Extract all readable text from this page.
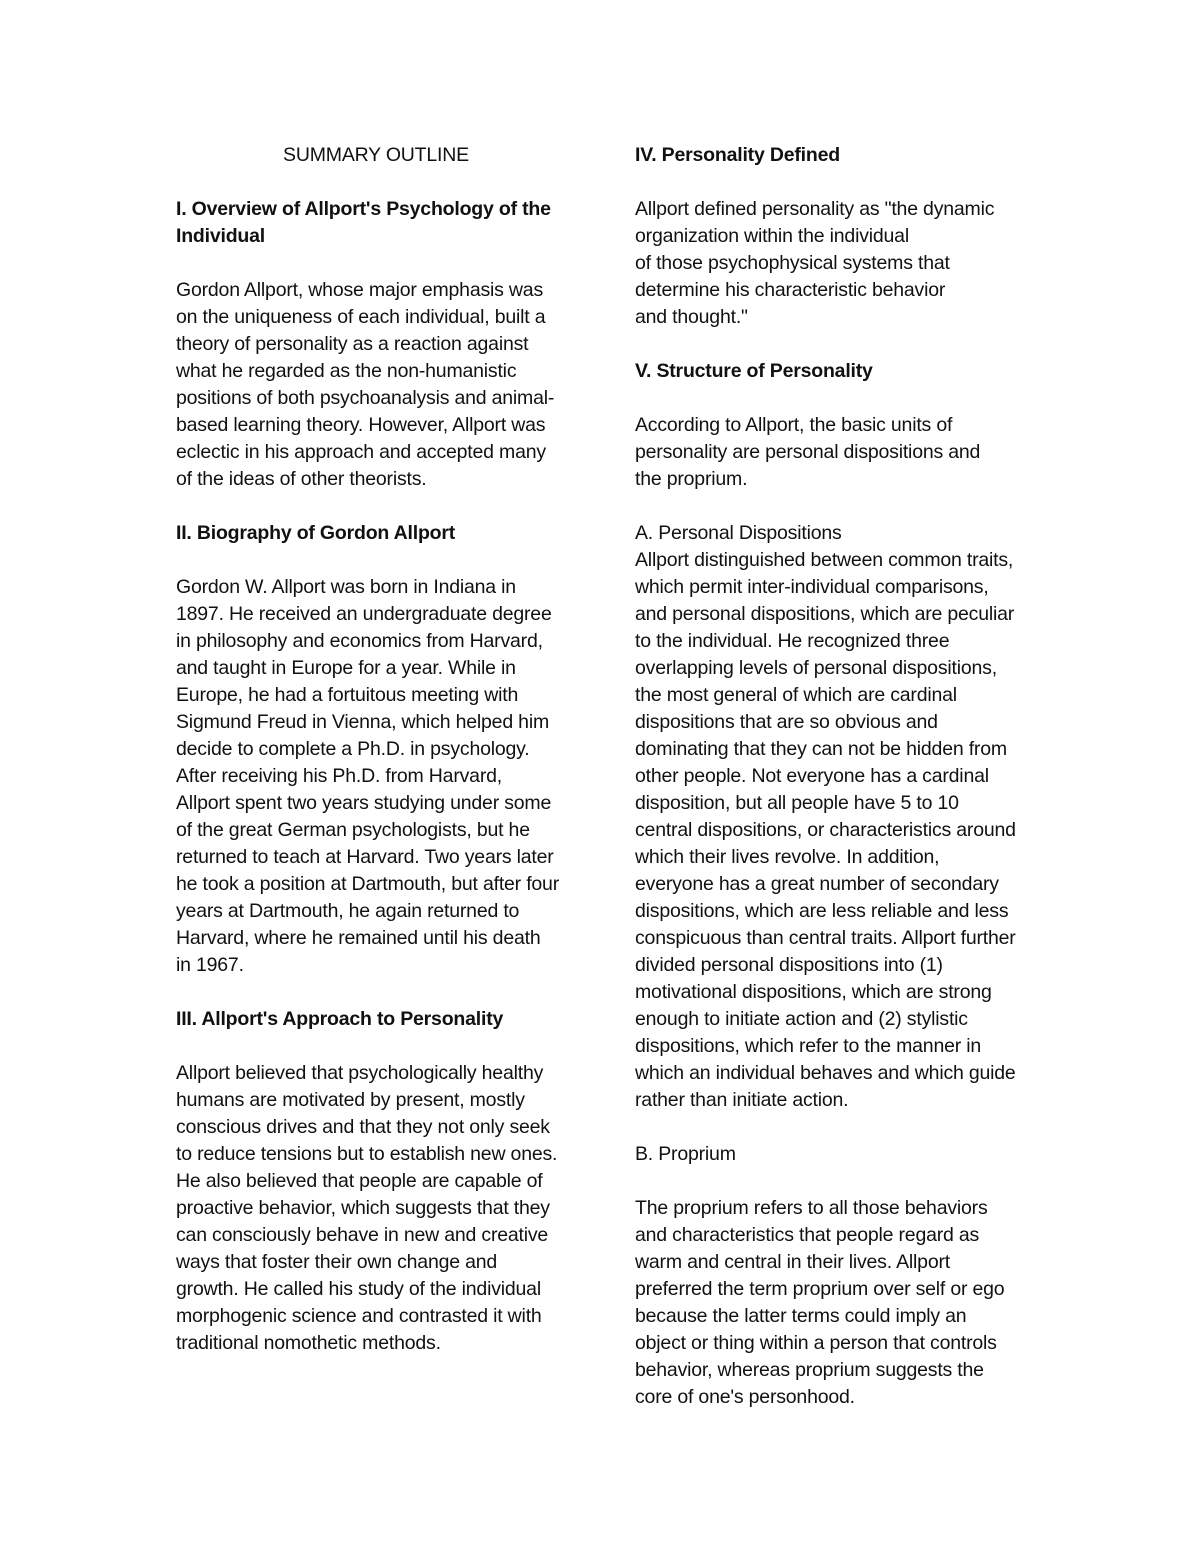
SUMMARY OUTLINE
I. Overview of Allport's Psychology of the
Individual
Gordon Allport, whose major emphasis was
on the uniqueness of each individual, built a
theory of personality as a reaction against
what he regarded as the non-humanistic
positions of both psychoanalysis and animal-
based learning theory. However, Allport was
eclectic in his approach and accepted many
of the ideas of other theorists.
II. Biography of Gordon Allport
Gordon W. Allport was born in Indiana in
1897. He received an undergraduate degree
in philosophy and economics from Harvard,
and taught in Europe for a year. While in
Europe, he had a fortuitous meeting with
Sigmund Freud in Vienna, which helped him
decide to complete a Ph.D. in psychology.
After receiving his Ph.D. from Harvard,
Allport spent two years studying under some
of the great German psychologists, but he
returned to teach at Harvard. Two years later
he took a position at Dartmouth, but after four
years at Dartmouth, he again returned to
Harvard, where he remained until his death
in 1967.
III. Allport's Approach to Personality
Allport believed that psychologically healthy
humans are motivated by present, mostly
conscious drives and that they not only seek
to reduce tensions but to establish new ones.
He also believed that people are capable of
proactive behavior, which suggests that they
can consciously behave in new and creative
ways that foster their own change and
growth. He called his study of the individual
morphogenic science and contrasted it with
traditional nomothetic methods.
IV. Personality Defined
Allport defined personality as "the dynamic
organization within the individual
of those psychophysical systems that
determine his characteristic behavior
and thought."
V. Structure of Personality
According to Allport, the basic units of
personality are personal dispositions and
the proprium.
A. Personal Dispositions
Allport distinguished between common traits,
which permit inter-individual comparisons,
and personal dispositions, which are peculiar
to the individual. He recognized three
overlapping levels of personal dispositions,
the most general of which are cardinal
dispositions that are so obvious and
dominating that they can not be hidden from
other people. Not everyone has a cardinal
disposition, but all people have 5 to 10
central dispositions, or characteristics around
which their lives revolve. In addition,
everyone has a great number of secondary
dispositions, which are less reliable and less
conspicuous than central traits. Allport further
divided personal dispositions into (1)
motivational dispositions, which are strong
enough to initiate action and (2) stylistic
dispositions, which refer to the manner in
which an individual behaves and which guide
rather than initiate action.
B. Proprium
The proprium refers to all those behaviors
and characteristics that people regard as
warm and central in their lives. Allport
preferred the term proprium over self or ego
because the latter terms could imply an
object or thing within a person that controls
behavior, whereas proprium suggests the
core of one's personhood.
